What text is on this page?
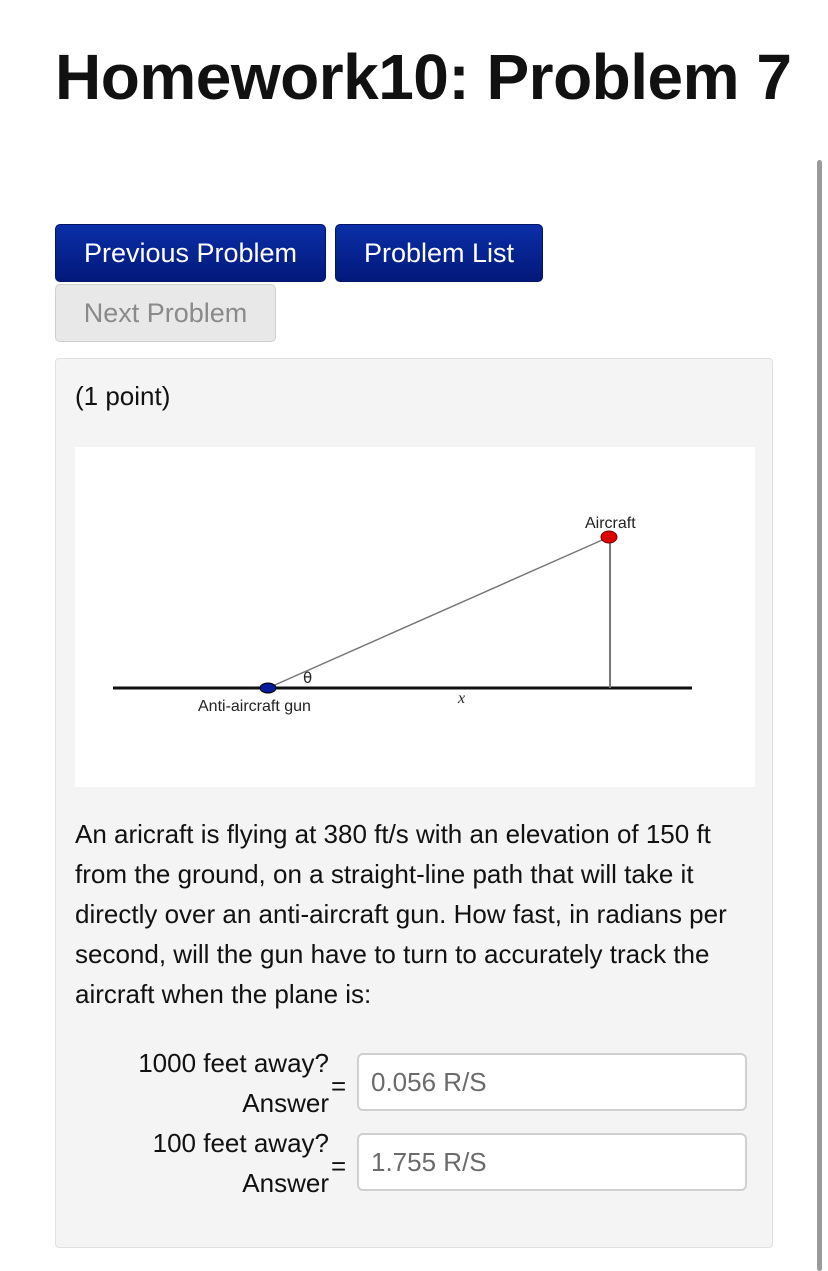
Homework10: Problem 7
Previous Problem	Problem List
Next Problem
(1 point)
Aircraft
θ
x
Anti-aircraft gun
An aricraft is flying at 380 ft/s with an elevation of 150 ft from the ground, on a straight-line path that will take it directly over an anti-aircraft gun. How fast, in radians per second, will the gun have to turn to accurately track the aircraft when the plane is:
1000 feet away?
Answer
=
0.056 R/S
100 feet away?
Answer
=
1.755 R/S
